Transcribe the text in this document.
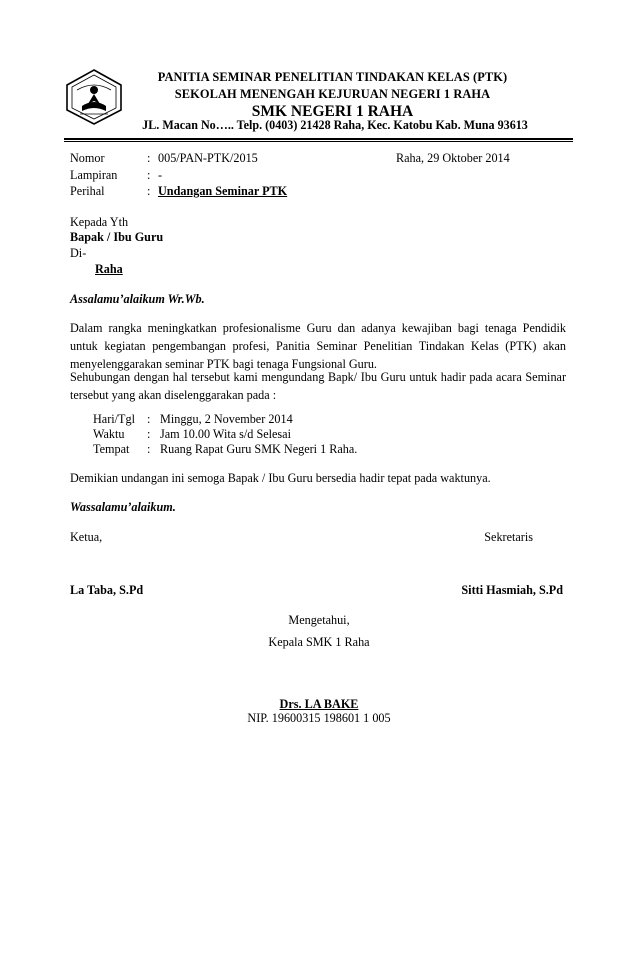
PANITIA SEMINAR PENELITIAN TINDAKAN KELAS (PTK)
SEKOLAH MENENGAH KEJURUAN NEGERI 1 RAHA
SMK NEGERI 1 RAHA
JL. Macan No….. Telp. (0403) 21428 Raha, Kec. Katobu Kab. Muna 93613
Nomor	: 005/PAN-PTK/2015	Raha, 29 Oktober 2014
Lampiran : -
Perihal	: Undangan Seminar PTK
Kepada Yth
Bapak / Ibu Guru
Di-
Raha
Assalamu’alaikum Wr.Wb.
Dalam rangka meningkatkan profesionalisme Guru dan adanya kewajiban bagi tenaga Pendidik untuk kegiatan pengembangan profesi, Panitia Seminar Penelitian Tindakan Kelas (PTK) akan menyelenggarakan seminar PTK bagi tenaga Fungsional Guru.
Sehubungan dengan hal tersebut kami mengundang Bapk/ Ibu Guru untuk hadir pada acara Seminar tersebut yang akan diselenggarakan pada :
Hari/Tgl : Minggu, 2 November 2014
Waktu : Jam 10.00 Wita s/d Selesai
Tempat : Ruang Rapat Guru SMK Negeri 1 Raha.
Demikian undangan ini semoga Bapak / Ibu Guru bersedia hadir tepat pada waktunya.
Wassalamu’alaikum.
Ketua,	Sekretaris
La Taba, S.Pd	Sitti Hasmiah, S.Pd
Mengetahui,
Kepala SMK 1 Raha
Drs. LA BAKE
NIP. 19600315 198601 1 005
